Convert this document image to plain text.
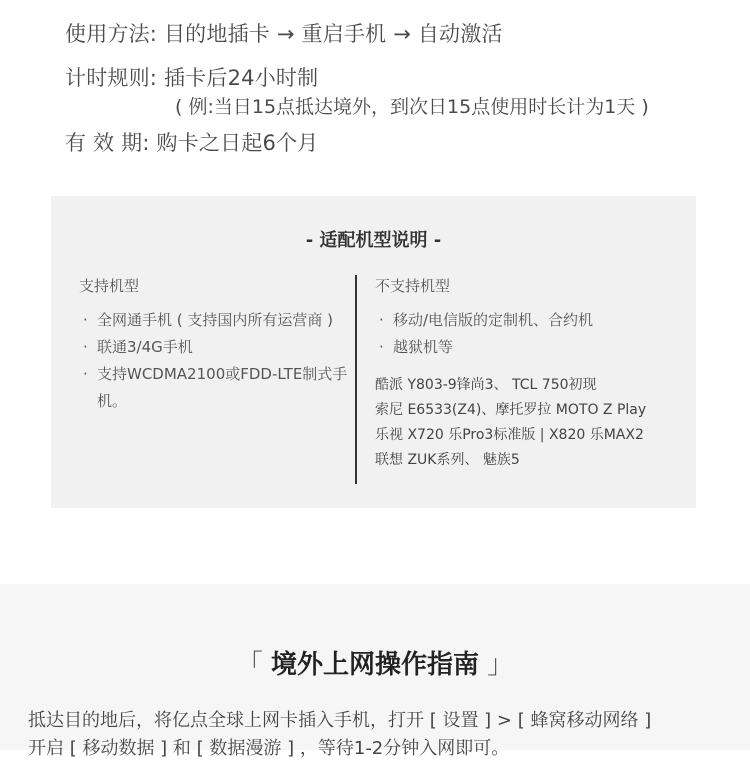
使用方法: 目的地插卡 → 重启手机 → 自动激活
计时规则: 插卡后24小时制
( 例:当日15点抵达境外，到次日15点使用时长计为1天 )
有 效 期: 购卡之日起6个月
- 适配机型说明 -
支持机型
· 全网通手机 ( 支持国内所有运营商 )
· 联通3/4G手机
· 支持WCDMA2100或FDD-LTE制式手机。
不支持机型
· 移动/电信版的定制机、合约机
· 越狱机等
酷派 Y803-9锋尚3、 TCL 750初现
索尼 E6533(Z4)、摩托罗拉 MOTO Z Play
乐视 X720 乐Pro3标准版 | X820 乐MAX2
联想 ZUK系列、 魅族5
「 境外上网操作指南 」
抵达目的地后，将亿点全球上网卡插入手机，打开 [ 设置 ] > [ 蜂窝移动网络 ]
开启 [ 移动数据 ] 和 [ 数据漫游 ] ，等待1-2分钟入网即可。
